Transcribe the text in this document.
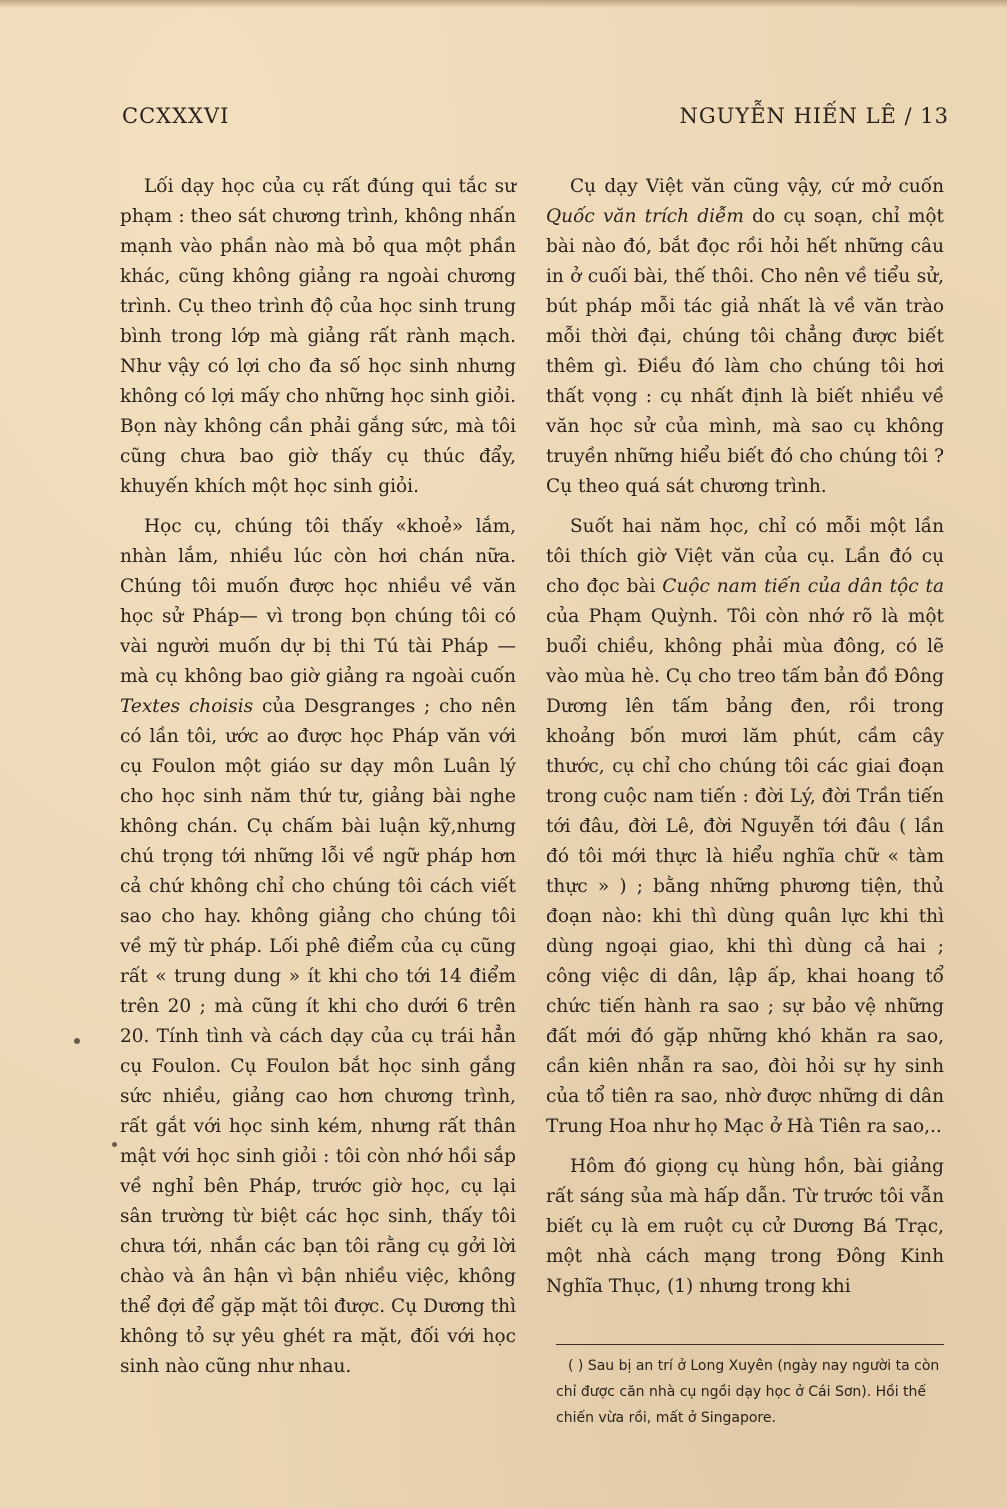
CCXXXVI	NGUYỄN HIẾN LÊ / 13

Lối dạy học của cụ rất đúng qui tắc sư phạm : theo sát chương trình, không nhấn mạnh vào phần nào mà bỏ qua một phần khác, cũng không giảng ra ngoài chương trình. Cụ theo trình độ của học sinh trung bình trong lớp mà giảng rất rành mạch. Như vậy có lợi cho đa số học sinh nhưng không có lợi mấy cho những học sinh giỏi. Bọn này không cần phải gắng sức, mà tôi cũng chưa bao giờ thấy cụ thúc đẩy, khuyến khích một học sinh giỏi.

Học cụ, chúng tôi thấy «khoẻ» lắm, nhàn lắm, nhiều lúc còn hơi chán nữa. Chúng tôi muốn được học nhiều về văn học sử Pháp— vì trong bọn chúng tôi có vài người muốn dự bị thi Tú tài Pháp — mà cụ không bao giờ giảng ra ngoài cuốn Textes choisis của Desgranges ; cho nên có lần tôi, ước ao được học Pháp văn với cụ Foulon một giáo sư dạy môn Luân lý cho học sinh năm thứ tư, giảng bài nghe không chán. Cụ chấm bài luận kỹ,nhưng chú trọng tới những lỗi về ngữ pháp hơn cả chứ không chỉ cho chúng tôi cách viết sao cho hay. không giảng cho chúng tôi về mỹ từ pháp. Lối phê điểm của cụ cũng rất « trung dung » ít khi cho tới 14 điểm trên 20 ; mà cũng ít khi cho dưới 6 trên 20. Tính tình và cách dạy của cụ trái hẳn cụ Foulon. Cụ Foulon bắt học sinh gắng sức nhiều, giảng cao hơn chương trình, rất gắt với học sinh kém, nhưng rất thân mật với học sinh giỏi : tôi còn nhớ hồi sắp về nghỉ bên Pháp, trước giờ học, cụ lại sân trường từ biệt các học sinh, thấy tôi chưa tới, nhắn các bạn tôi rằng cụ gởi lời chào và ân hận vì bận nhiều việc, không thể đợi để gặp mặt tôi được. Cụ Dương thì không tỏ sự yêu ghét ra mặt, đối với học sinh nào cũng như nhau.

Cụ dạy Việt văn cũng vậy, cứ mở cuốn Quốc văn trích diễm do cụ soạn, chỉ một bài nào đó, bắt đọc rồi hỏi hết những câu in ở cuối bài, thế thôi. Cho nên về tiểu sử, bút pháp mỗi tác giả nhất là về văn trào mỗi thời đại, chúng tôi chẳng được biết thêm gì. Điều đó làm cho chúng tôi hơi thất vọng : cụ nhất định là biết nhiều về văn học sử của mình, mà sao cụ không truyền những hiểu biết đó cho chúng tôi ? Cụ theo quá sát chương trình.

Suốt hai năm học, chỉ có mỗi một lần tôi thích giờ Việt văn của cụ. Lần đó cụ cho đọc bài Cuộc nam tiến của dân tộc ta của Phạm Quỳnh. Tôi còn nhớ rõ là một buổi chiều, không phải mùa đông, có lẽ vào mùa hè. Cụ cho treo tấm bản đồ Đông Dương lên tấm bảng đen, rồi trong khoảng bốn mươi lăm phút, cầm cây thước, cụ chỉ cho chúng tôi các giai đoạn trong cuộc nam tiến : đời Lý, đời Trần tiến tới đâu, đời Lê, đời Nguyễn tới đâu ( lần đó tôi mới thực là hiểu nghĩa chữ « tàm thực » ) ; bằng những phương tiện, thủ đoạn nào: khi thì dùng quân lực khi thì dùng ngoại giao, khi thì dùng cả hai ; công việc di dân, lập ấp, khai hoang tổ chức tiến hành ra sao ; sự bảo vệ những đất mới đó gặp những khó khăn ra sao, cần kiên nhẫn ra sao, đòi hỏi sự hy sinh của tổ tiên ra sao, nhờ được những di dân Trung Hoa như họ Mạc ở Hà Tiên ra sao,..

Hôm đó giọng cụ hùng hồn, bài giảng rất sáng sủa mà hấp dẫn. Từ trước tôi vẫn biết cụ là em ruột cụ cử Dương Bá Trạc, một nhà cách mạng trong Đông Kinh Nghĩa Thục, (1) nhưng trong khi

( ) Sau bị an trí ở Long Xuyên (ngày nay người ta còn chỉ được căn nhà cụ ngồi dạy học ở Cái Sơn). Hồi thế chiến vừa rồi, mất ở Singapore.
